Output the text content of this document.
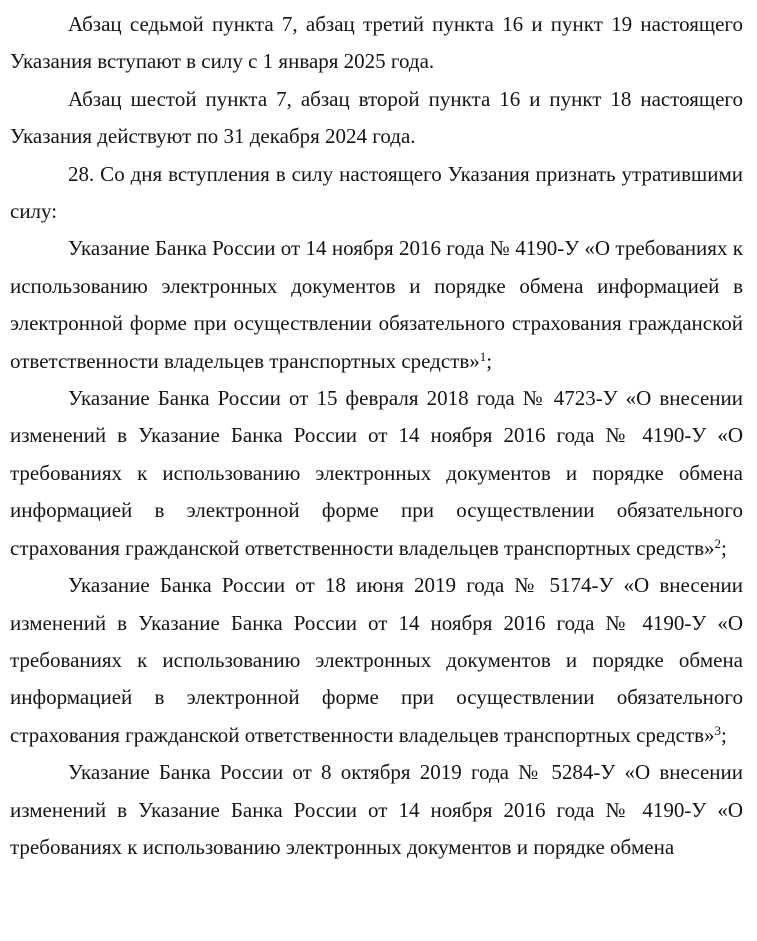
Абзац седьмой пункта 7, абзац третий пункта 16 и пункт 19 настоящего Указания вступают в силу с 1 января 2025 года.

Абзац шестой пункта 7, абзац второй пункта 16 и пункт 18 настоящего Указания действуют по 31 декабря 2024 года.

28. Со дня вступления в силу настоящего Указания признать утратившими силу:

Указание Банка России от 14 ноября 2016 года № 4190-У «О требованиях к использованию электронных документов и порядке обмена информацией в электронной форме при осуществлении обязательного страхования гражданской ответственности владельцев транспортных средств»$^1$;

Указание Банка России от 15 февраля 2018 года № 4723-У «О внесении изменений в Указание Банка России от 14 ноября 2016 года № 4190-У «О требованиях к использованию электронных документов и порядке обмена информацией в электронной форме при осуществлении обязательного страхования гражданской ответственности владельцев транспортных средств»$^2$;

Указание Банка России от 18 июня 2019 года № 5174-У «О внесении изменений в Указание Банка России от 14 ноября 2016 года № 4190-У «О требованиях к использованию электронных документов и порядке обмена информацией в электронной форме при осуществлении обязательного страхования гражданской ответственности владельцев транспортных средств»$^3$;

Указание Банка России от 8 октября 2019 года № 5284-У «О внесении изменений в Указание Банка России от 14 ноября 2016 года № 4190-У «О требованиях к использованию электронных документов и порядке обмена
